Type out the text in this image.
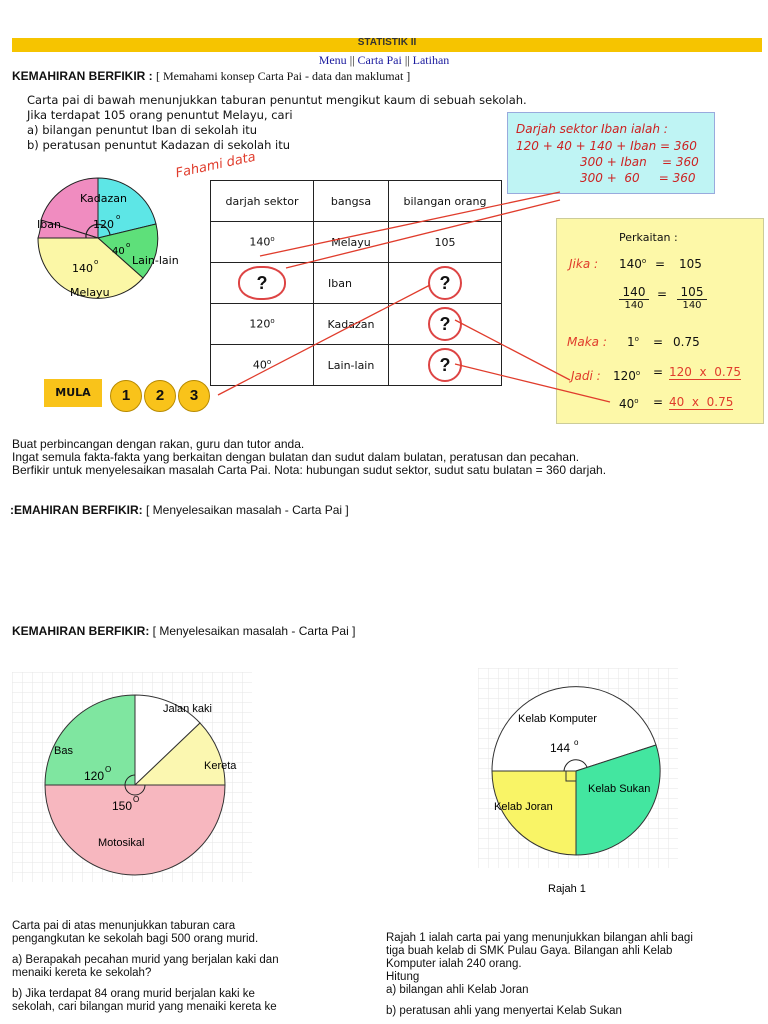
STATISTIK II
Menu || Carta Pai || Latihan
KEMAHIRAN BERFIKIR : [ Memahami konsep Carta Pai - data dan maklumat ]
Carta pai di bawah menunjukkan taburan penuntut mengikut kaum di sebuah sekolah.
Jika terdapat 105 orang penuntut Melayu, cari
a) bilangan penuntut Iban di sekolah itu
b) peratusan penuntut Kadazan di sekolah itu
Kadazan
Iban	120
o
40
o
140 o	Lain-lain
Melayu
Fahami data
darjah sektor	bangsa	bilangan orang
140$^o$	Melayu	105
?	Iban	?
120$^o$	Kadazan	?
40$^o$	Lain-lain	?
Darjah sektor Iban ialah :
120 + 40 + 140 + Iban = 360
300 + Iban    = 360
300 +  60     = 360
Perkaitan :
Jika : $140^o = 105$
140
140
= 105
140
Maka : $1^o = 0.75$
Jadi : $120^o = 120$  x  0.75
$40^o = 40$  x  0.75
MULA	1	2	3
Buat perbincangan dengan rakan, guru dan tutor anda.
Ingat semula fakta-fakta yang berkaitan dengan bulatan dan sudut dalam bulatan, peratusan dan pecahan.
Berfikir untuk menyelesaikan masalah Carta Pai. Nota: hubungan sudut sektor, sudut satu bulatan = 360 darjah.
:EMAHIRAN BERFIKIR: [ Menyelesaikan masalah - Carta Pai ]
KEMAHIRAN BERFIKIR: [ Menyelesaikan masalah - Carta Pai ]
Jalan kaki
Bas
Kereta
120 O
150 O
Motosikal
Carta pai di atas menunjukkan taburan cara
pengangkutan ke sekolah bagi 500 orang murid.
a) Berapakah pecahan murid yang berjalan kaki dan
menaiki kereta ke sekolah?
b) Jika terdapat 84 orang murid berjalan kaki ke
sekolah, cari bilangan murid yang menaiki kereta ke
Kelab Komputer
144 o
Kelab Sukan
Kelab Joran
Rajah 1
Rajah 1 ialah carta pai yang menunjukkan bilangan ahli bagi
tiga buah kelab di SMK Pulau Gaya. Bilangan ahli Kelab
Komputer ialah 240 orang.
Hitung
a) bilangan ahli Kelab Joran
b) peratusan ahli yang menyertai Kelab Sukan
